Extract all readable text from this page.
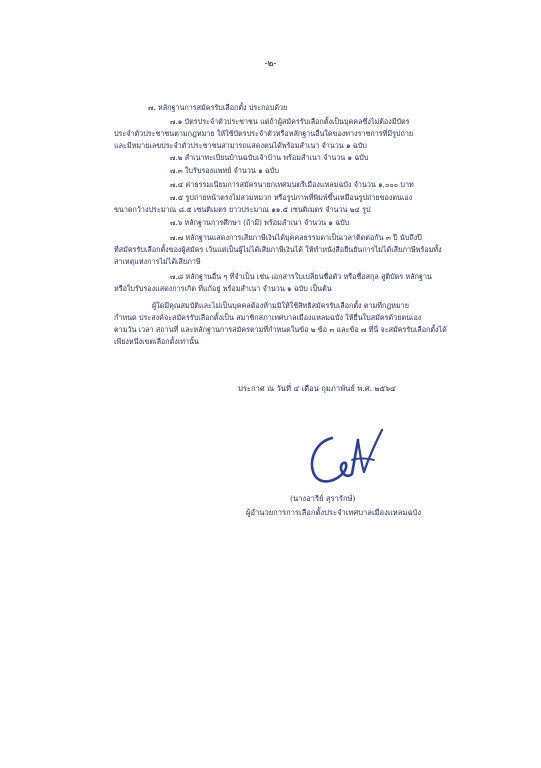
-๒-
๗. หลักฐานการสมัครรับเลือกตั้ง ประกอบด้วย
๗.๑ บัตรประจำตัวประชาชน แต่ถ้าผู้สมัครรับเลือกตั้งเป็นบุคคลซึ่งไม่ต้องมีบัตร
ประจำตัวประชาชนตามกฎหมาย ให้ใช้บัตรประจำตัวหรือหลักฐานอื่นใดของทางราชการที่มีรูปถ่าย
และมีหมายเลขประจำตัวประชาชนสามารถแสดงตนได้พร้อมสำเนา จำนวน ๑ ฉบับ
๗.๒ สำเนาทะเบียนบ้านฉบับเจ้าบ้าน พร้อมสำเนา จำนวน ๑ ฉบับ
๗.๓ ใบรับรองแพทย์ จำนวน ๑ ฉบับ
๗.๔ ค่าธรรมเนียมการสมัครนายกเทศมนตรีเมืองแหลมฉบัง จำนวน ๑,๐๐๐ บาท
๗.๕ รูปถ่ายหน้าตรงไม่สวมหมวก หรือรูปภาพที่พิมพ์ขึ้นเหมือนรูปถ่ายของตนเอง
ขนาดกว้างประมาณ ๘.๕ เซนติเมตร ยาวประมาณ ๑๑.๕ เซนติเมตร จำนวน ๒๔ รูป
๗.๖ หลักฐานการศึกษา (ถ้ามี) พร้อมสำเนา จำนวน ๑ ฉบับ
๗.๗ หลักฐานแสดงการเสียภาษีเงินได้บุคคลธรรมดาเป็นเวลาติดต่อกัน ๓ ปี นับถึงปี
ที่สมัครรับเลือกตั้งของผู้สมัคร เว้นแต่เป็นผู้ไม่ได้เสียภาษีเงินได้ ให้ทำหนังสือยืนยันการไม่ได้เสียภาษีพร้อมทั้ง
สาเหตุแห่งการไม่ได้เสียภาษี
๗.๘ หลักฐานอื่น ๆ ที่จำเป็น เช่น เอกสารใบเปลี่ยนชื่อตัว หรือชื่อสกุล สูติบัตร หลักฐาน
หรือใบรับรองแสดงการเกิด ที่แก้อยู่ พร้อมสำเนา จำนวน ๑ ฉบับ เป็นต้น
ผู้ใดมีคุณสมบัติและไม่เป็นบุคคลต้องห้ามมิให้ใช้สิทธิสมัครรับเลือกตั้ง ตามที่กฎหมาย
กำหนด ประสงค์จะสมัครรับเลือกตั้งเป็น สมาชิกสภาเทศบาลเมืองแหลมฉบัง ให้ยื่นใบสมัครด้วยตนเอง
ตามวัน เวลา สถานที่ และหลักฐานการสมัครตามที่กำหนดในข้อ ๒ ข้อ ๓ และข้อ ๗ ที่นี่ จะสมัครรับเลือกตั้งได้
เพียงหนึ่งเขตเลือกตั้งเท่านั้น
ประกาศ ณ วันที่ ๔ เดือน กุมภาพันธ์ พ.ศ. ๒๕๖๔
(นางอารีย์ สุรารักษ์)
ผู้อำนวยการการเลือกตั้งประจำเทศบาลเมืองแหลมฉบัง
